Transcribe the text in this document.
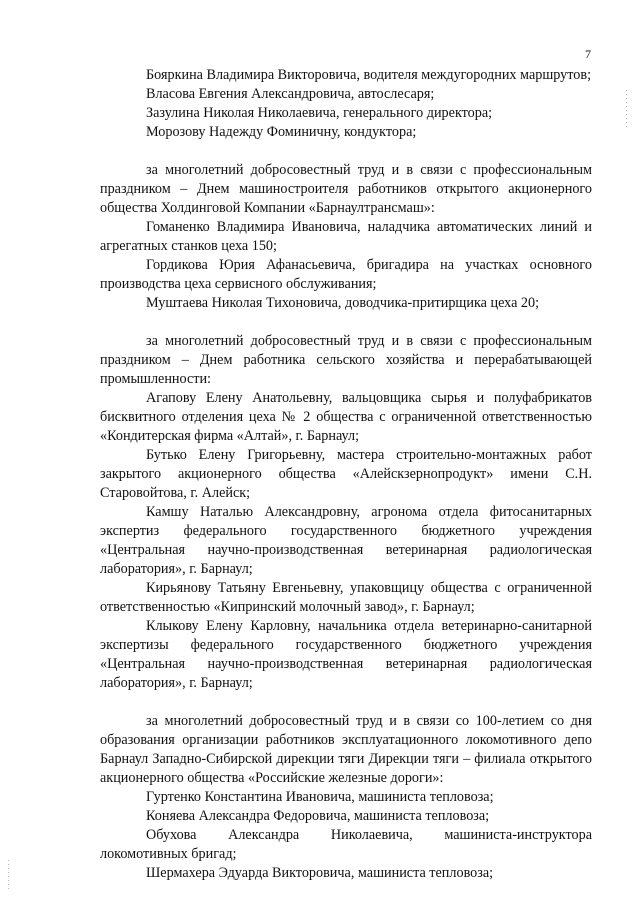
7

Бояркина Владимира Викторовича, водителя междугородних маршрутов;

Власова Евгения Александровича, автослесаря;

Зазулина Николая Николаевича, генерального директора;

Морозову Надежду Фоминичну, кондуктора;

за многолетний добросовестный труд и в связи с профессиональным праздником – Днем машиностроителя работников открытого акционерного общества Холдинговой Компании «Барнаултрансмаш»:

Гоманенко Владимира Ивановича, наладчика автоматических линий и агрегатных станков цеха 150;

Гордикова Юрия Афанасьевича, бригадира на участках основного производства цеха сервисного обслуживания;

Муштаева Николая Тихоновича, доводчика-притирщика цеха 20;

за многолетний добросовестный труд и в связи с профессиональным праздником – Днем работника сельского хозяйства и перерабатывающей промышленности:

Агапову Елену Анатольевну, вальцовщика сырья и полуфабрикатов бисквитного отделения цеха № 2 общества с ограниченной ответственностью «Кондитерская фирма «Алтай», г. Барнаул;

Бутько Елену Григорьевну, мастера строительно-монтажных работ закрытого акционерного общества «Алейскзернопродукт» имени С.Н. Старовойтова, г. Алейск;

Камшу Наталью Александровну, агронома отдела фитосанитарных экспертиз федерального государственного бюджетного учреждения «Центральная научно-производственная ветеринарная радиологическая лаборатория», г. Барнаул;

Кирьянову Татьяну Евгеньевну, упаковщицу общества с ограниченной ответственностью «Кипринский молочный завод», г. Барнаул;

Клыкову Елену Карловну, начальника отдела ветеринарно-санитарной экспертизы федерального государственного бюджетного учреждения «Центральная научно-производственная ветеринарная радиологическая лаборатория», г. Барнаул;

за многолетний добросовестный труд и в связи со 100-летием со дня образования организации работников эксплуатационного локомотивного депо Барнаул Западно-Сибирской дирекции тяги Дирекции тяги – филиала открытого акционерного общества «Российские железные дороги»:

Гуртенко Константина Ивановича, машиниста тепловоза;

Коняева Александра Федоровича, машиниста тепловоза;

Обухова Александра Николаевича, машиниста-инструктора локомотивных бригад;

Шермахера Эдуарда Викторовича, машиниста тепловоза;
